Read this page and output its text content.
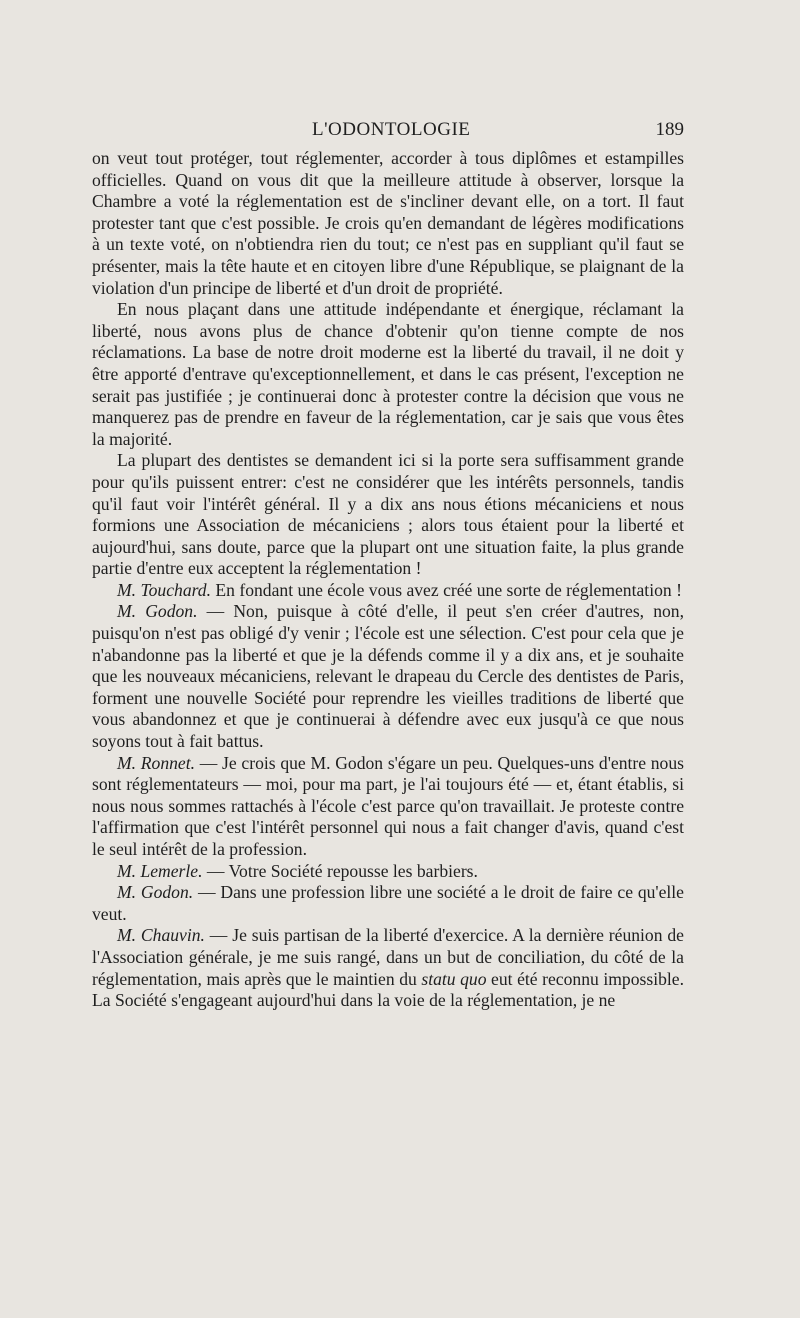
L'ODONTOLOGIE	189

on veut tout protéger, tout réglementer, accorder à tous diplômes et estampilles officielles. Quand on vous dit que la meilleure attitude à observer, lorsque la Chambre a voté la réglementation est de s'incliner devant elle, on a tort. Il faut protester tant que c'est possible. Je crois qu'en demandant de légères modifications à un texte voté, on n'obtiendra rien du tout; ce n'est pas en suppliant qu'il faut se présenter, mais la tête haute et en citoyen libre d'une République, se plaignant de la violation d'un principe de liberté et d'un droit de propriété.

En nous plaçant dans une attitude indépendante et énergique, réclamant la liberté, nous avons plus de chance d'obtenir qu'on tienne compte de nos réclamations. La base de notre droit moderne est la liberté du travail, il ne doit y être apporté d'entrave qu'exceptionnellement, et dans le cas présent, l'exception ne serait pas justifiée ; je continuerai donc à protester contre la décision que vous ne manquerez pas de prendre en faveur de la réglementation, car je sais que vous êtes la majorité.

La plupart des dentistes se demandent ici si la porte sera suffisamment grande pour qu'ils puissent entrer: c'est ne considérer que les intérêts personnels, tandis qu'il faut voir l'intérêt général. Il y a dix ans nous étions mécaniciens et nous formions une Association de mécaniciens ; alors tous étaient pour la liberté et aujourd'hui, sans doute, parce que la plupart ont une situation faite, la plus grande partie d'entre eux acceptent la réglementation !

M. Touchard. En fondant une école vous avez créé une sorte de réglementation !

M. Godon. — Non, puisque à côté d'elle, il peut s'en créer d'autres, non, puisqu'on n'est pas obligé d'y venir ; l'école est une sélection. C'est pour cela que je n'abandonne pas la liberté et que je la défends comme il y a dix ans, et je souhaite que les nouveaux mécaniciens, relevant le drapeau du Cercle des dentistes de Paris, forment une nouvelle Société pour reprendre les vieilles traditions de liberté que vous abandonnez et que je continuerai à défendre avec eux jusqu'à ce que nous soyons tout à fait battus.

M. Ronnet. — Je crois que M. Godon s'égare un peu. Quelques-uns d'entre nous sont réglementateurs — moi, pour ma part, je l'ai toujours été — et, étant établis, si nous nous sommes rattachés à l'école c'est parce qu'on travaillait. Je proteste contre l'affirmation que c'est l'intérêt personnel qui nous a fait changer d'avis, quand c'est le seul intérêt de la profession.

M. Lemerle. — Votre Société repousse les barbiers.

M. Godon. — Dans une profession libre une société a le droit de faire ce qu'elle veut.

M. Chauvin. — Je suis partisan de la liberté d'exercice. A la dernière réunion de l'Association générale, je me suis rangé, dans un but de conciliation, du côté de la réglementation, mais après que le maintien du statu quo eut été reconnu impossible. La Société s'engageant aujourd'hui dans la voie de la réglementation, je ne
